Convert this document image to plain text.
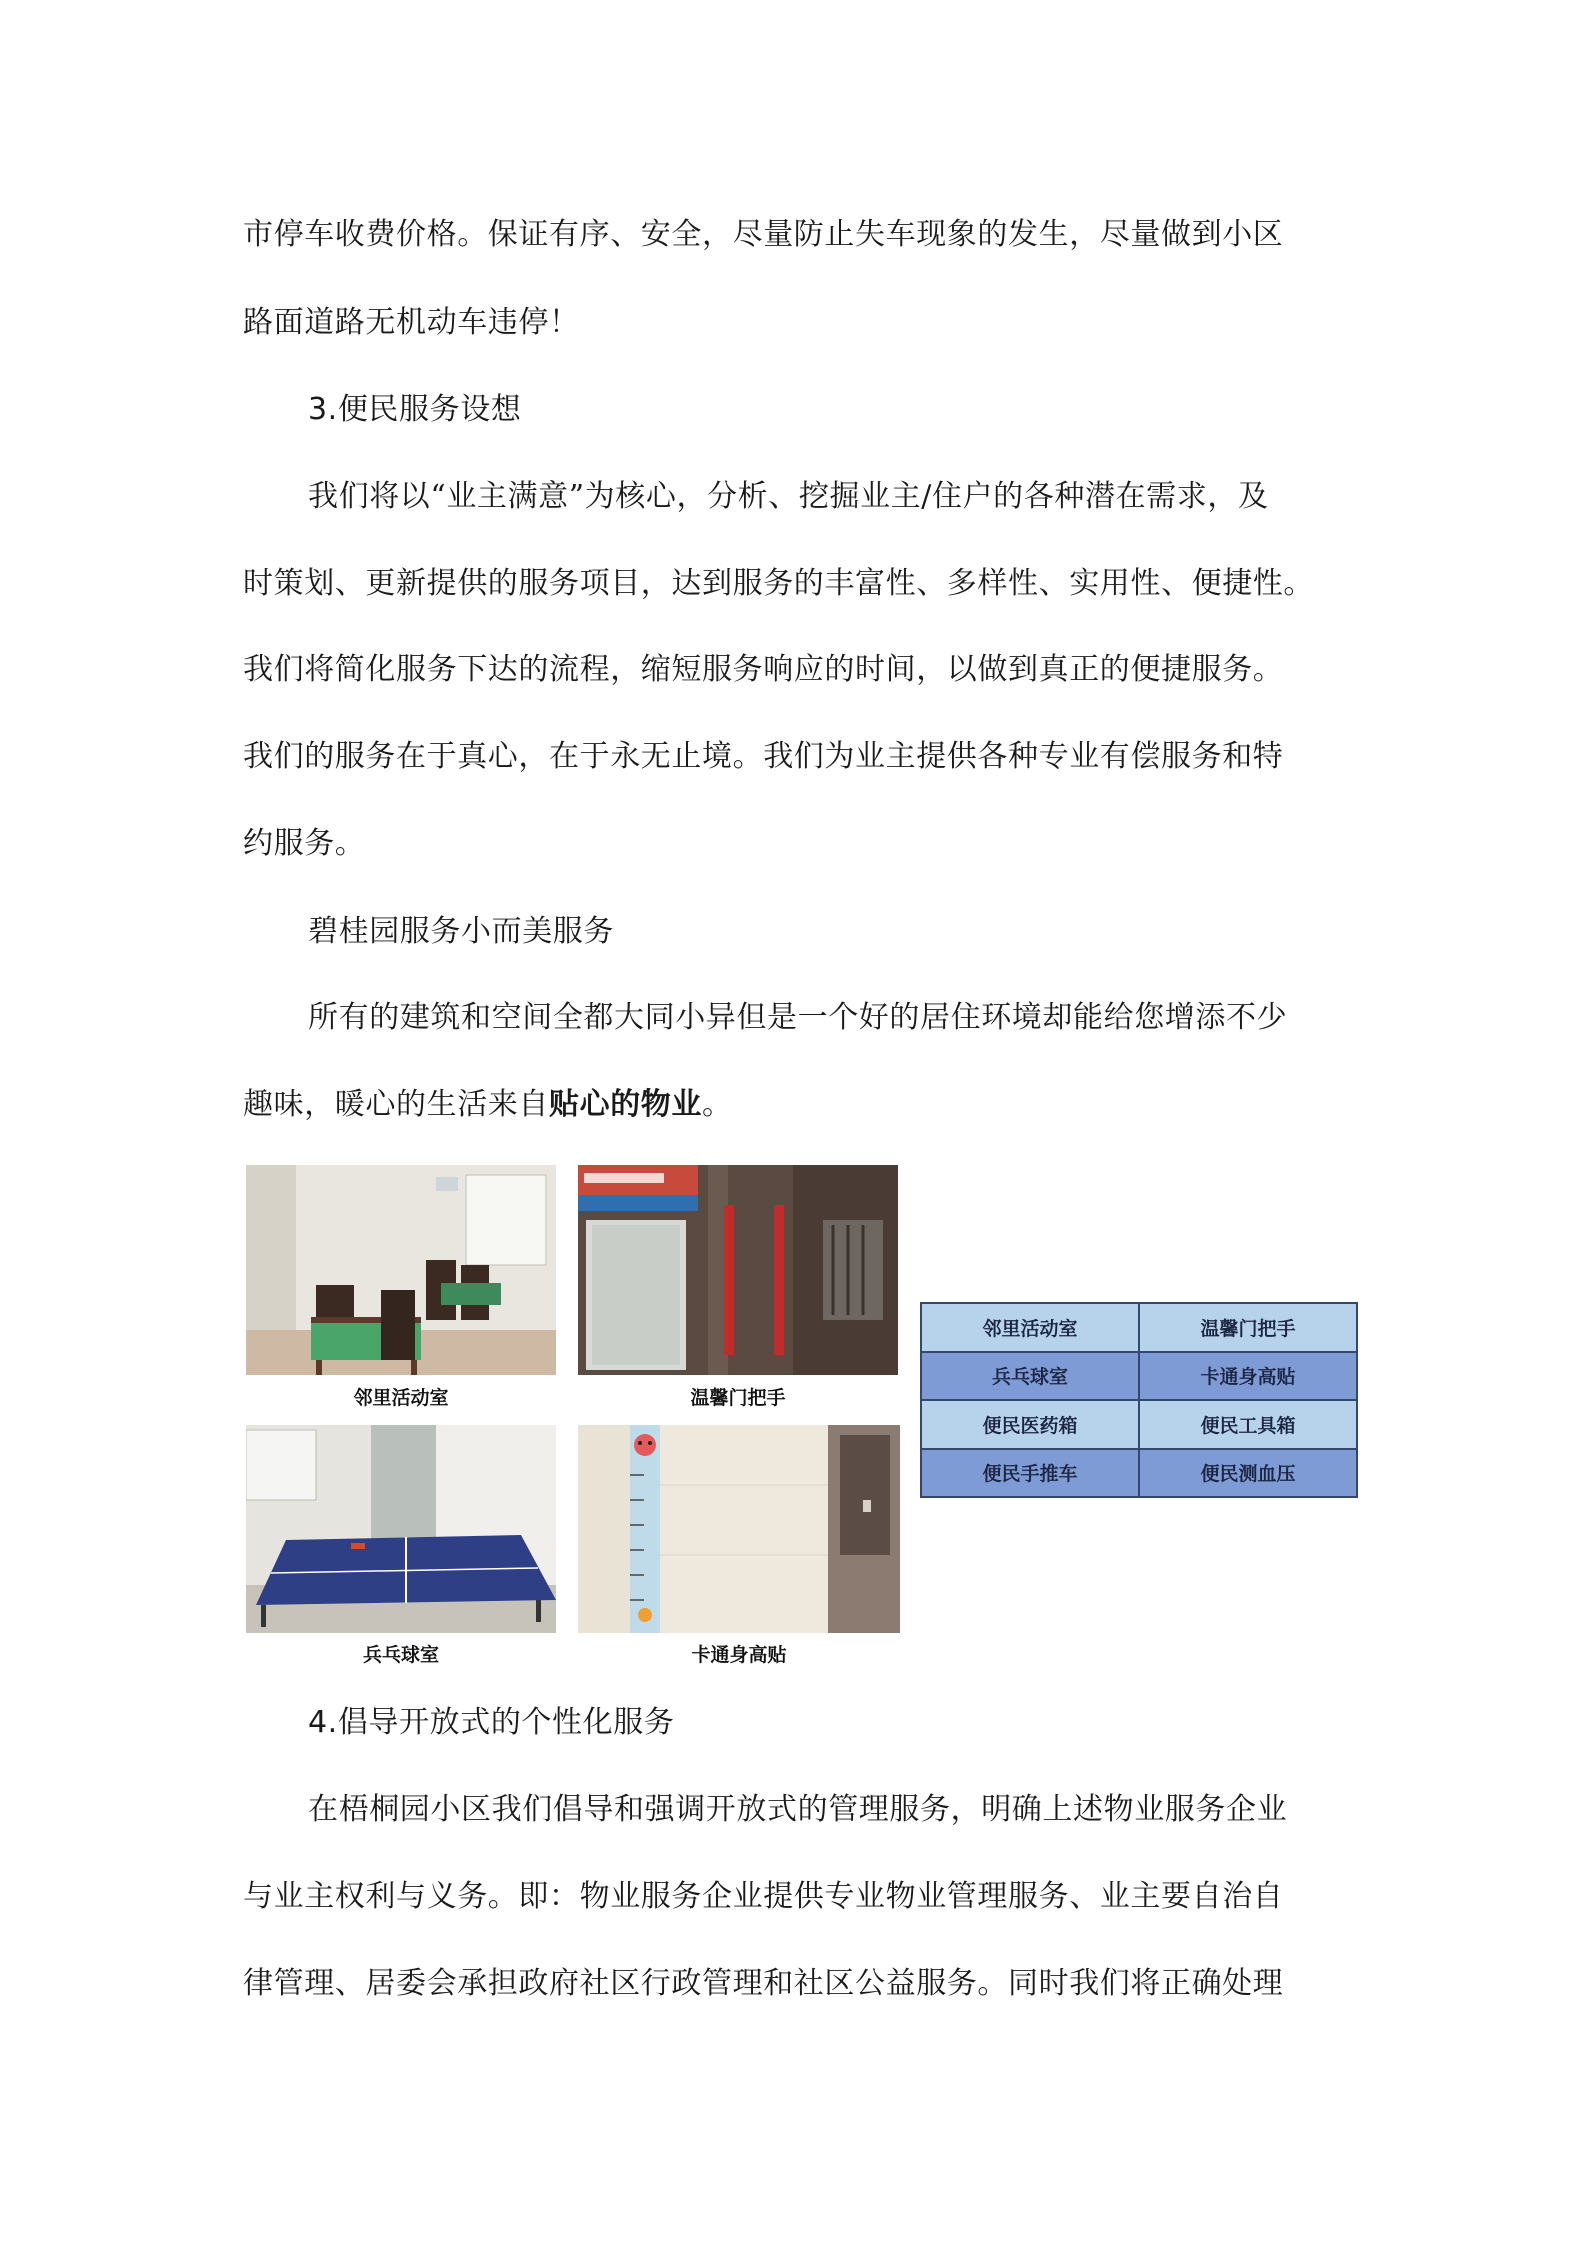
市停车收费价格。保证有序、安全，尽量防止失车现象的发生，尽量做到小区

路面道路无机动车违停！

3.便民服务设想

我们将以“业主满意”为核心，分析、挖掘业主/住户的各种潜在需求，及

时策划、更新提供的服务项目，达到服务的丰富性、多样性、实用性、便捷性。

我们将简化服务下达的流程，缩短服务响应的时间，以做到真正的便捷服务。

我们的服务在于真心，在于永无止境。我们为业主提供各种专业有偿服务和特

约服务。

碧桂园服务小而美服务

所有的建筑和空间全都大同小异但是一个好的居住环境却能给您增添不少

趣味，暖心的生活来自贴心的物业。

邻里活动室	温馨门把手
兵乓球室	卡通身高贴
邻里活动室	温馨门把手
兵乓球室	卡通身高贴
便民医药箱	便民工具箱
便民手推车	便民测血压

4.倡导开放式的个性化服务

在梧桐园小区我们倡导和强调开放式的管理服务，明确上述物业服务企业

与业主权利与义务。即：物业服务企业提供专业物业管理服务、业主要自治自

律管理、居委会承担政府社区行政管理和社区公益服务。同时我们将正确处理
